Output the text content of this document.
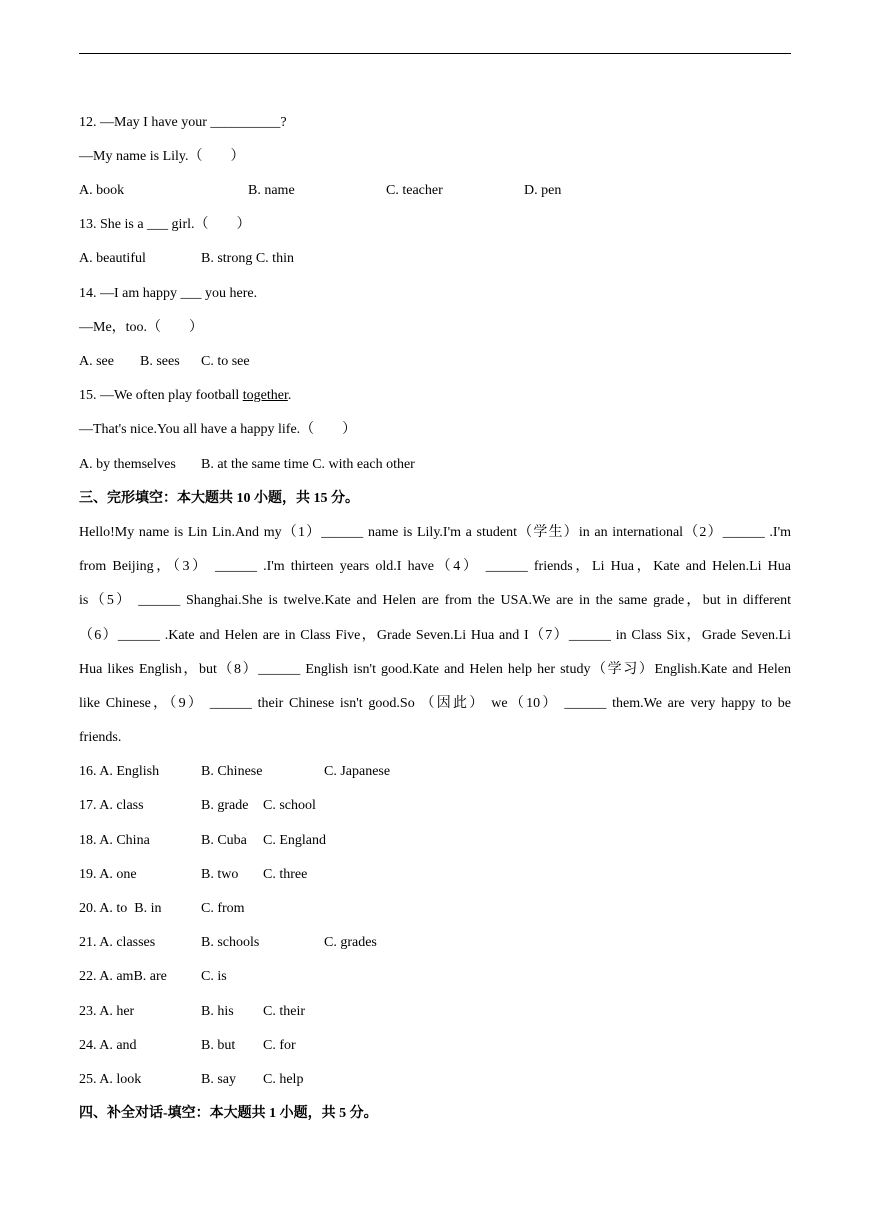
12. —May I have your __________?
—My name is Lily.（        ）
A. book	B. name	C. teacher	D. pen
13. She is a ___ girl.（        ）
A. beautiful	B. strong C. thin
14. —I am happy ___ you here.
—Me，too.（        ）
A. see B. sees C. to see
15. —We often play football together.
—That's nice.You all have a happy life.（        ）
A. by themselves B. at the same time C. with each other
三、完形填空：本大题共 10 小题，共 15 分。
Hello!My name is Lin Lin.And my（1）______ name is Lily.I'm a student（学生）in an international（2）______ .I'm
from Beijing，（3） ______ .I'm thirteen years old.I have（4） ______ friends，Li Hua，Kate and Helen.Li Hua
is（5） ______ Shanghai.She is twelve.Kate and Helen are from the USA.We are in the same grade，but in different
（6）______ .Kate and Helen are in Class Five，Grade Seven.Li Hua and I（7）______ in Class Six，Grade Seven.Li
Hua likes English，but（8）______ English isn't good.Kate and Helen help her study（学习）English.Kate and Helen
like Chinese，（9） ______ their Chinese isn't good.So （因此） we（10） ______ them.We are very happy to be
friends.
16. A. English	B. Chinese	C. Japanese
17. A. class	B. grade C. school
18. A. China	B. Cuba C. England
19. A. one	B. two C. three
20. A. to  B. in	C. from
21. A. classes	B. schools	C. grades
22. A. amB. are C. is
23. A. her	B. his C. their
24. A. and	B. but C. for
25. A. look	B. say C. help
四、补全对话-填空：本大题共 1 小题，共 5 分。
